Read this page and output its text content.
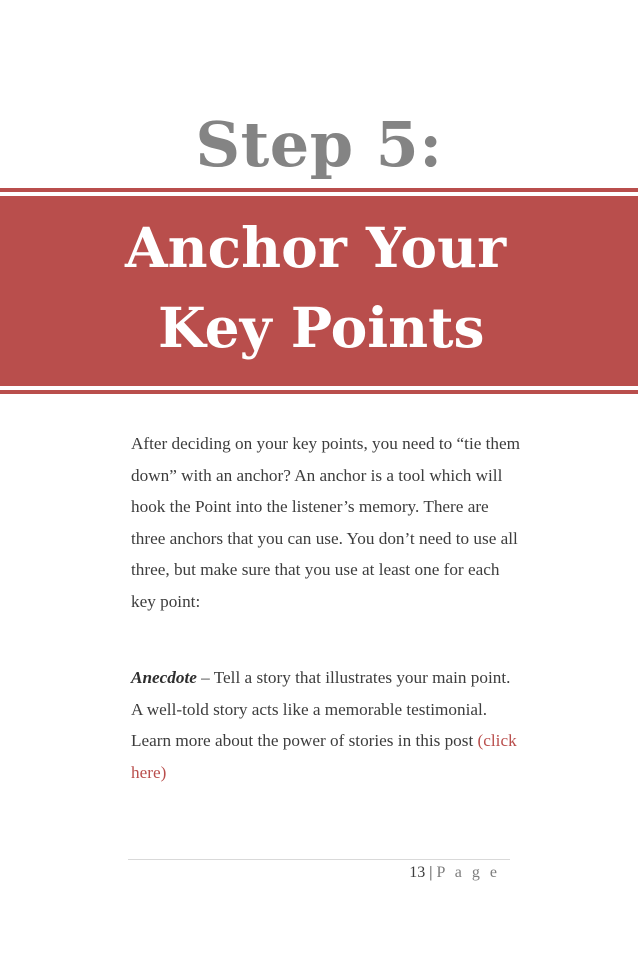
Step 5:
Anchor Your
Key Points

After deciding on your key points, you need to “tie them down” with an anchor? An anchor is a tool which will hook the Point into the listener’s memory. There are three anchors that you can use. You don’t need to use all three, but make sure that you use at least one for each key point:

Anecdote – Tell a story that illustrates your main point. A well-told story acts like a memorable testimonial. Learn more about the power of stories in this post (click here)

13 | P a g e
